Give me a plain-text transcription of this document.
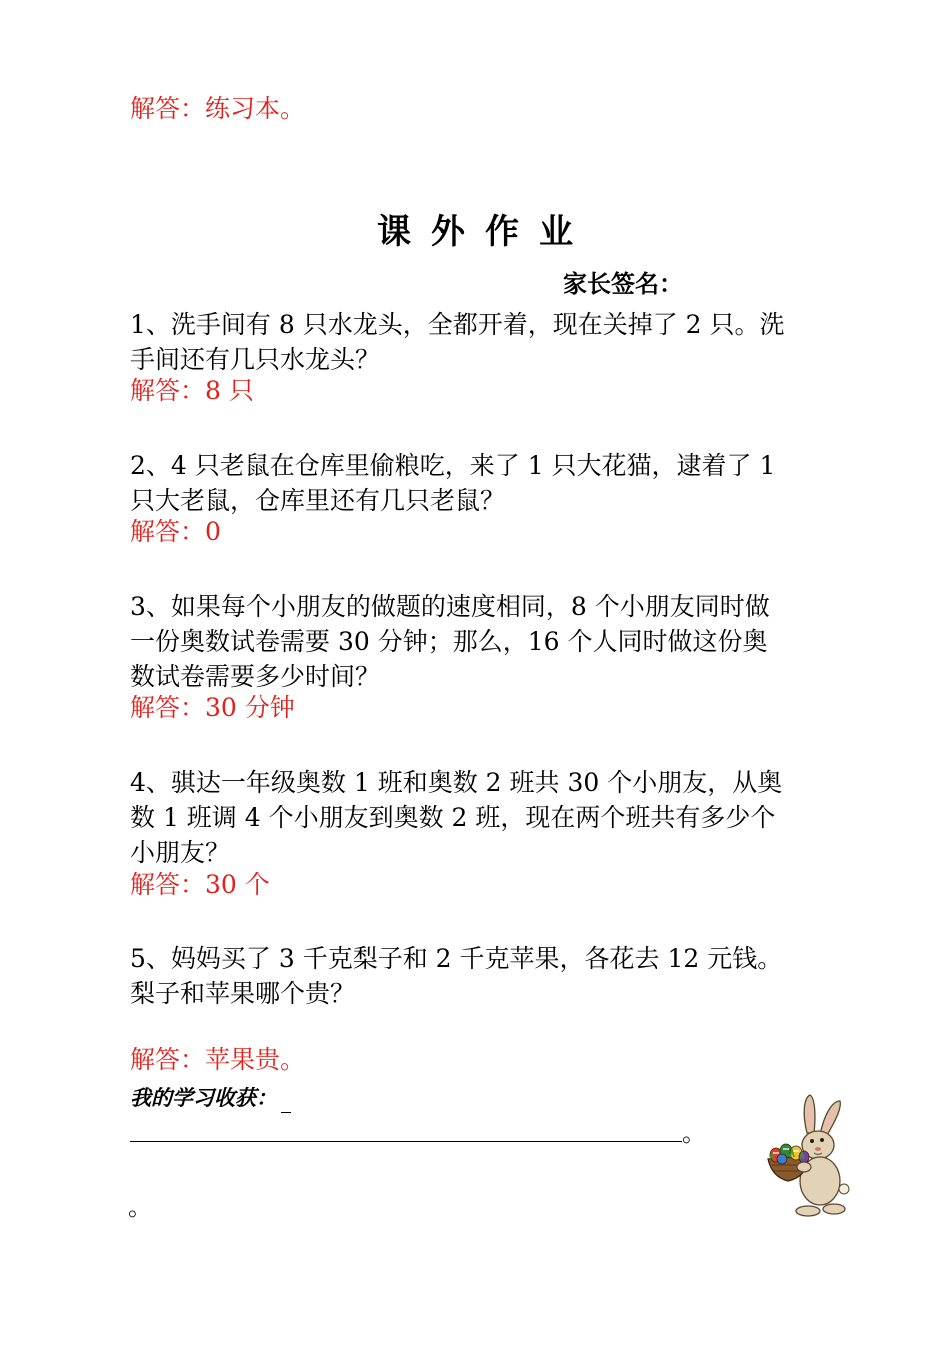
解答：练习本。
课外作业
家长签名：
1、洗手间有 8 只水龙头，全都开着，现在关掉了 2 只。洗
手间还有几只水龙头？
解答：8 只
2、4 只老鼠在仓库里偷粮吃，来了 1 只大花猫，逮着了 1
只大老鼠，仓库里还有几只老鼠？
解答：0
3、如果每个小朋友的做题的速度相同，8 个小朋友同时做
一份奥数试卷需要 30 分钟；那么，16 个人同时做这份奥
数试卷需要多少时间？
解答：30 分钟
4、骐达一年级奥数 1 班和奥数 2 班共 30 个小朋友，从奥
数 1 班调 4 个小朋友到奥数 2 班，现在两个班共有多少个
小朋友？
解答：30 个
5、妈妈买了 3 千克梨子和 2 千克苹果，各花去 12 元钱。
梨子和苹果哪个贵？
解答：苹果贵。
我的学习收获：
。
。
